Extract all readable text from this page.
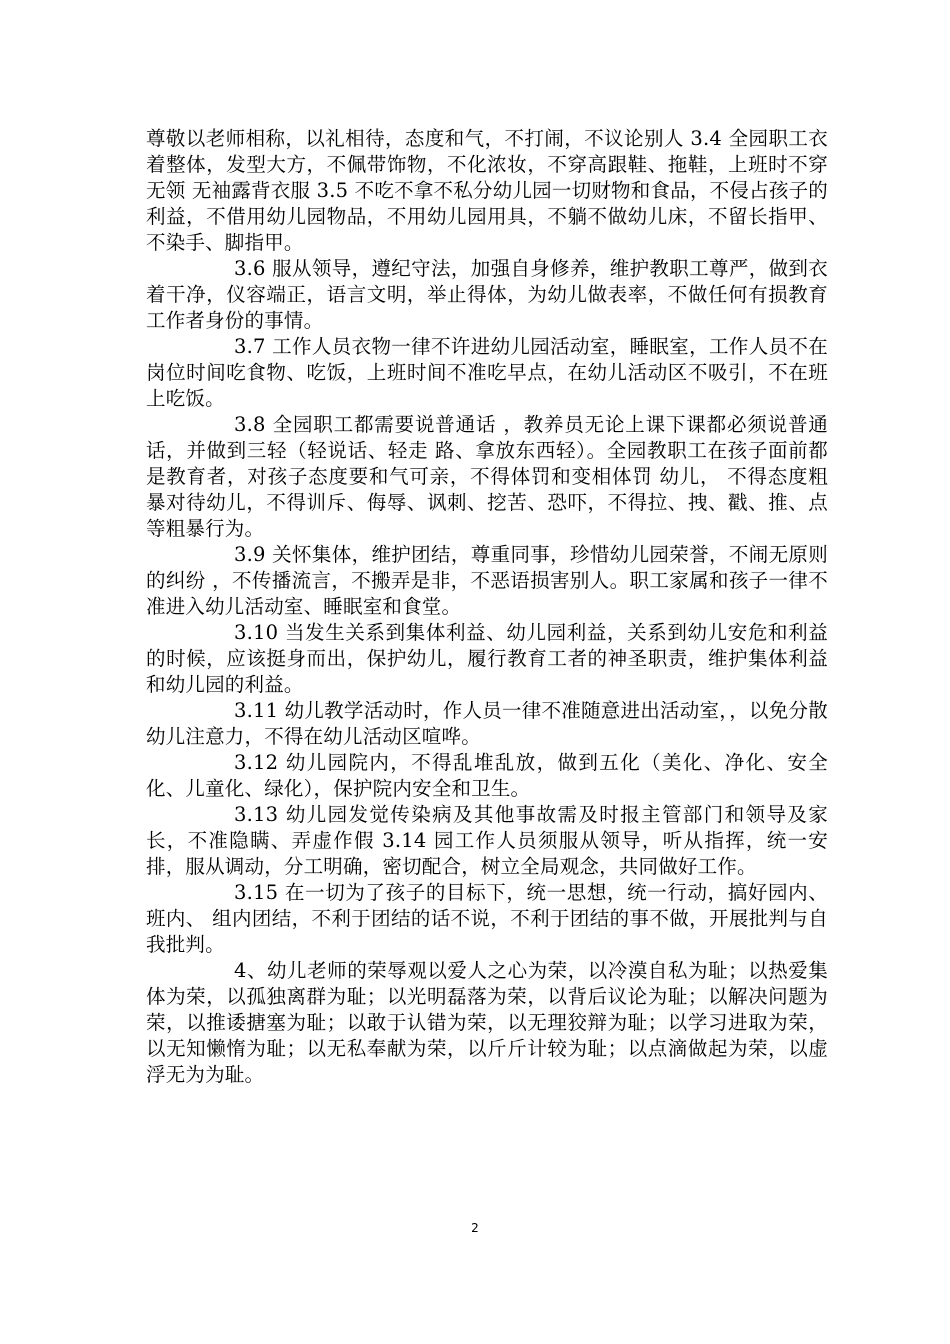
尊敬以老师相称，以礼相待，态度和气，不打闹，不议论别人 3.4 全园职工衣着整体，发型大方，不佩带饰物，不化浓妆，不穿高跟鞋、拖鞋，上班时不穿无领 无袖露背衣服 3.5 不吃不拿不私分幼儿园一切财物和食品，不侵占孩子的利益，不借用幼儿园物品，不用幼儿园用具，不躺不做幼儿床，不留长指甲、不染手、脚指甲。

3.6 服从领导，遵纪守法，加强自身修养，维护教职工尊严，做到衣着干净，仪容端正，语言文明，举止得体，为幼儿做表率，不做任何有损教育工作者身份的事情。

3.7 工作人员衣物一律不许进幼儿园活动室，睡眠室，工作人员不在岗位时间吃食物、吃饭，上班时间不准吃早点，在幼儿活动区不吸引，不在班上吃饭。

3.8 全园职工都需要说普通话 ，教养员无论上课下课都必须说普通话，并做到三轻（轻说话、轻走 路、拿放东西轻）。全园教职工在孩子面前都是教育者，对孩子态度要和气可亲，不得体罚和变相体罚 幼儿， 不得态度粗暴对待幼儿，不得训斥、侮辱、讽刺、挖苦、恐吓，不得拉、拽、戳、推、点等粗暴行为。

3.9 关怀集体，维护团结，尊重同事，珍惜幼儿园荣誉，不闹无原则的纠纷 ，不传播流言，不搬弄是非，不恶语损害别人。职工家属和孩子一律不准进入幼儿活动室、睡眠室和食堂。

3.10 当发生关系到集体利益、幼儿园利益，关系到幼儿安危和利益的时候，应该挺身而出，保护幼儿，履行教育工者的神圣职责，维护集体利益和幼儿园的利益。

3.11 幼儿教学活动时，作人员一律不准随意进出活动室，，以免分散幼儿注意力，不得在幼儿活动区喧哗。

3.12 幼儿园院内，不得乱堆乱放，做到五化（美化、净化、安全化、儿童化、绿化），保护院内安全和卫生。

3.13 幼儿园发觉传染病及其他事故需及时报主管部门和领导及家长，不准隐瞒、弄虚作假 3.14 园工作人员须服从领导，听从指挥，统一安排，服从调动，分工明确，密切配合，树立全局观念，共同做好工作。

3.15 在一切为了孩子的目标下，统一思想，统一行动，搞好园内、班内、 组内团结，不利于团结的话不说，不利于团结的事不做，开展批判与自我批判。

4、幼儿老师的荣辱观以爱人之心为荣，以冷漠自私为耻；以热爱集体为荣，以孤独离群为耻；以光明磊落为荣，以背后议论为耻；以解决问题为荣，以推诿搪塞为耻；以敢于认错为荣，以无理狡辩为耻；以学习进取为荣，以无知懒惰为耻；以无私奉献为荣，以斤斤计较为耻；以点滴做起为荣，以虚浮无为为耻。

2
